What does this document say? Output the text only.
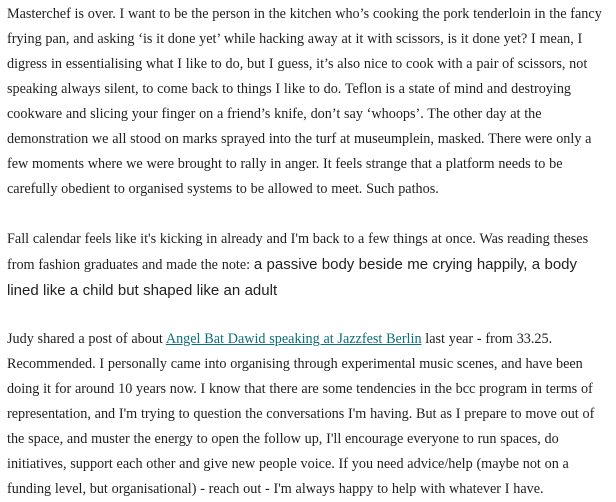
Masterchef is over. I want to be the person in the kitchen who’s cooking the pork tenderloin in the fancy frying pan, and asking ‘is it done yet’ while hacking away at it with scissors, is it done yet? I mean, I digress in essentialising what I like to do, but I guess, it’s also nice to cook with a pair of scissors, not speaking always silent, to come back to things I like to do. Teflon is a state of mind and destroying cookware and slicing your finger on a friend’s knife, don’t say ‘whoops’. The other day at the demonstration we all stood on marks sprayed into the turf at museumplein, masked. There were only a few moments where we were brought to rally in anger. It feels strange that a platform needs to be carefully obedient to organised systems to be allowed to meet. Such pathos.

Fall calendar feels like it's kicking in already and I'm back to a few things at once. Was reading theses from fashion graduates and made the note: a passive body beside me crying happily, a body lined like a child but shaped like an adult

Judy shared a post of about Angel Bat Dawid speaking at Jazzfest Berlin last year - from 33.25. Recommended. I personally came into organising through experimental music scenes, and have been doing it for around 10 years now. I know that there are some tendencies in the bcc program in terms of representation, and I'm trying to question the conversations I'm having. But as I prepare to move out of the space, and muster the energy to open the follow up, I'll encourage everyone to run spaces, do initiatives, support each other and give new people voice. If you need advice/help (maybe not on a funding level, but organisational) - reach out - I'm always happy to help with whatever I have.
